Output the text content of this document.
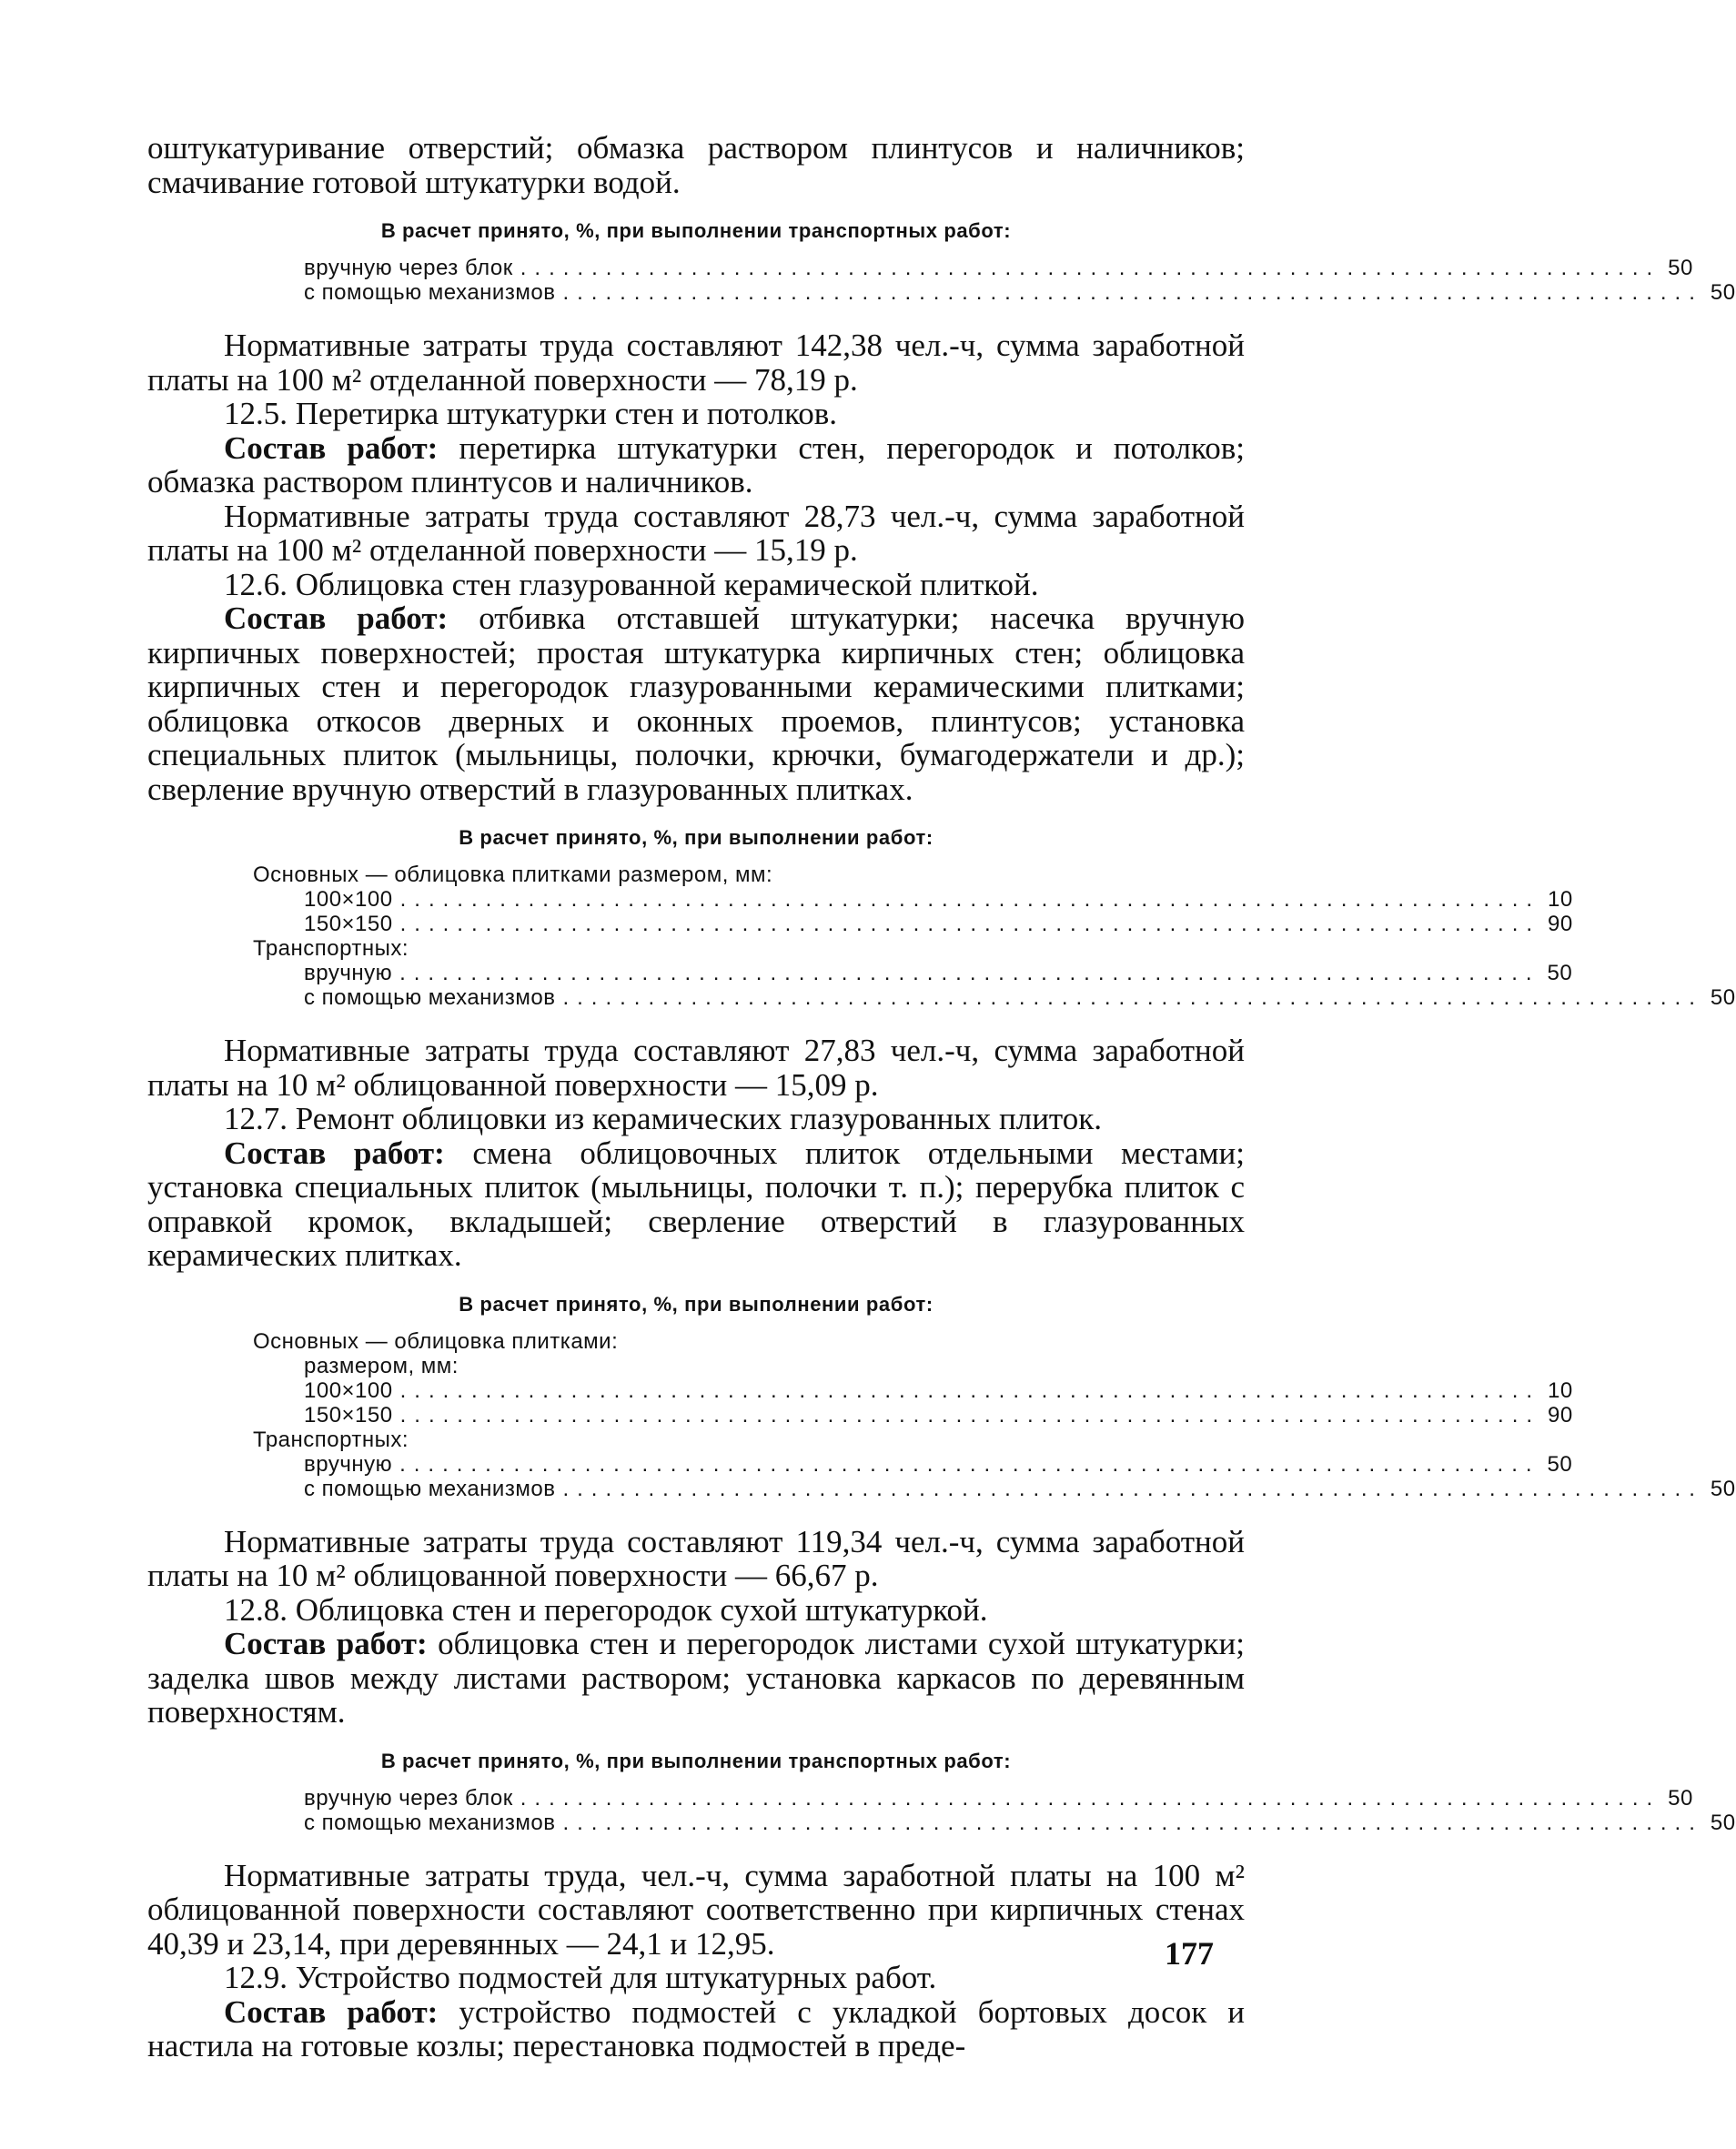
оштукатуривание отверстий; обмазка раствором плинтусов и наличников; смачивание готовой штукатурки водой.

В расчет принято, %, при выполнении транспортных работ:
вручную через блок ................................................................................ 50
с помощью механизмов ................................................................................ 50

Нормативные затраты труда составляют 142,38 чел.-ч, сумма заработной платы на 100 м² отделанной поверхности — 78,19 р.

12.5. Перетирка штукатурки стен и потолков.

Состав работ: перетирка штукатурки стен, перегородок и потолков; обмазка раствором плинтусов и наличников.

Нормативные затраты труда составляют 28,73 чел.-ч, сумма заработной платы на 100 м² отделанной поверхности — 15,19 р.

12.6. Облицовка стен глазурованной керамической плиткой.

Состав работ: отбивка отставшей штукатурки; насечка вручную кирпичных поверхностей; простая штукатурка кирпичных стен; облицовка кирпичных стен и перегородок глазурованными керамическими плитками; облицовка откосов дверных и оконных проемов, плинтусов; установка специальных плиток (мыльницы, полочки, крючки, бумагодержатели и др.); сверление вручную отверстий в глазурованных плитках.

В расчет принято, %, при выполнении работ:
Основных — облицовка плитками размером, мм:
100×100 ................................................................................ 10
150×150 ................................................................................ 90
Транспортных:
вручную ................................................................................ 50
с помощью механизмов ................................................................................ 50

Нормативные затраты труда составляют 27,83 чел.-ч, сумма заработной платы на 10 м² облицованной поверхности — 15,09 р.

12.7. Ремонт облицовки из керамических глазурованных плиток.

Состав работ: смена облицовочных плиток отдельными местами; установка специальных плиток (мыльницы, полочки т. п.); перерубка плиток с оправкой кромок, вкладышей; сверление отверстий в глазурованных керамических плитках.

В расчет принято, %, при выполнении работ:
Основных — облицовка плитками:
размером, мм:
100×100 ................................................................................ 10
150×150 ................................................................................ 90
Транспортных:
вручную ................................................................................ 50
с помощью механизмов ................................................................................ 50

Нормативные затраты труда составляют 119,34 чел.-ч, сумма заработной платы на 10 м² облицованной поверхности — 66,67 р.

12.8. Облицовка стен и перегородок сухой штукатуркой.

Состав работ: облицовка стен и перегородок листами сухой штукатурки; заделка швов между листами раствором; установка каркасов по деревянным поверхностям.

В расчет принято, %, при выполнении транспортных работ:
вручную через блок ................................................................................ 50
с помощью механизмов ................................................................................ 50

Нормативные затраты труда, чел.-ч, сумма заработной платы на 100 м² облицованной поверхности составляют соответственно при кирпичных стенах 40,39 и 23,14, при деревянных — 24,1 и 12,95.

12.9. Устройство подмостей для штукатурных работ.

Состав работ: устройство подмостей с укладкой бортовых досок и настила на готовые козлы; перестановка подмостей в преде-

177
